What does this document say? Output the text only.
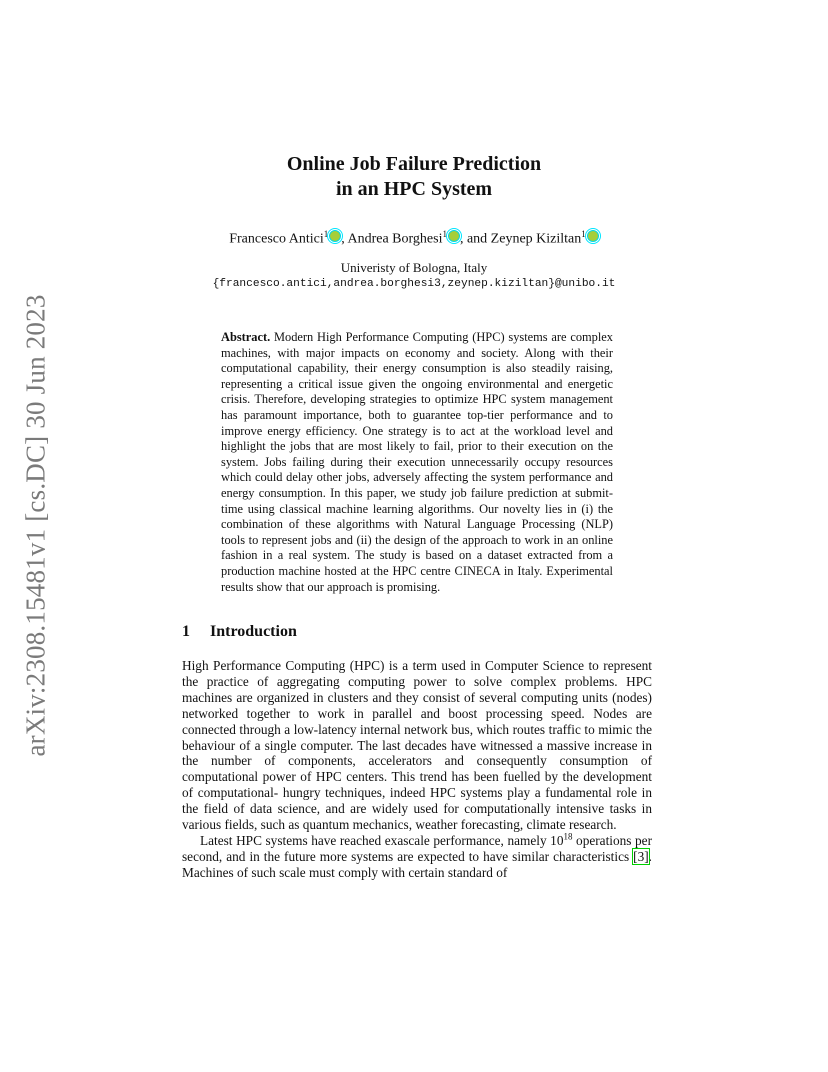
arXiv:2308.15481v1 [cs.DC] 30 Jun 2023
Online Job Failure Prediction
in an HPC System
Francesco Antici$^1$ , Andrea Borghesi$^1$ , and Zeynep Kiziltan$^1$
Univeristy of Bologna, Italy
{francesco.antici,andrea.borghesi3,zeynep.kiziltan}@unibo.it
Abstract. Modern High Performance Computing (HPC) systems are complex machines, with major impacts on economy and society. Along with their computational capability, their energy consumption is also steadily raising, representing a critical issue given the ongoing environmental and energetic crisis. Therefore, developing strategies to optimize HPC system management has paramount importance, both to guarantee top-tier performance and to improve energy efficiency. One strategy is to act at the workload level and highlight the jobs that are most likely to fail, prior to their execution on the system. Jobs failing during their execution unnecessarily occupy resources which could delay other jobs, adversely affecting the system performance and energy consumption. In this paper, we study job failure prediction at submit-time using classical machine learning algorithms. Our novelty lies in (i) the combination of these algorithms with Natural Language Processing (NLP) tools to represent jobs and (ii) the design of the approach to work in an online fashion in a real system. The study is based on a dataset extracted from a production machine hosted at the HPC centre CINECA in Italy. Experimental results show that our approach is promising.
1 Introduction

High Performance Computing (HPC) is a term used in Computer Science to represent the practice of aggregating computing power to solve complex problems. HPC machines are organized in clusters and they consist of several computing units (nodes) networked together to work in parallel and boost processing speed. Nodes are connected through a low-latency internal network bus, which routes traffic to mimic the behaviour of a single computer. The last decades have witnessed a massive increase in the number of components, accelerators and consequently consumption of computational power of HPC centers. This trend has been fuelled by the development of computational- hungry techniques, indeed HPC systems play a fundamental role in the field of data science, and are widely used for computationally intensive tasks in various fields, such as quantum mechanics, weather forecasting, climate research.

Latest HPC systems have reached exascale performance, namely $10^{18}$ operations per second, and in the future more systems are expected to have similar characteristics [3]. Machines of such scale must comply with certain standard of
